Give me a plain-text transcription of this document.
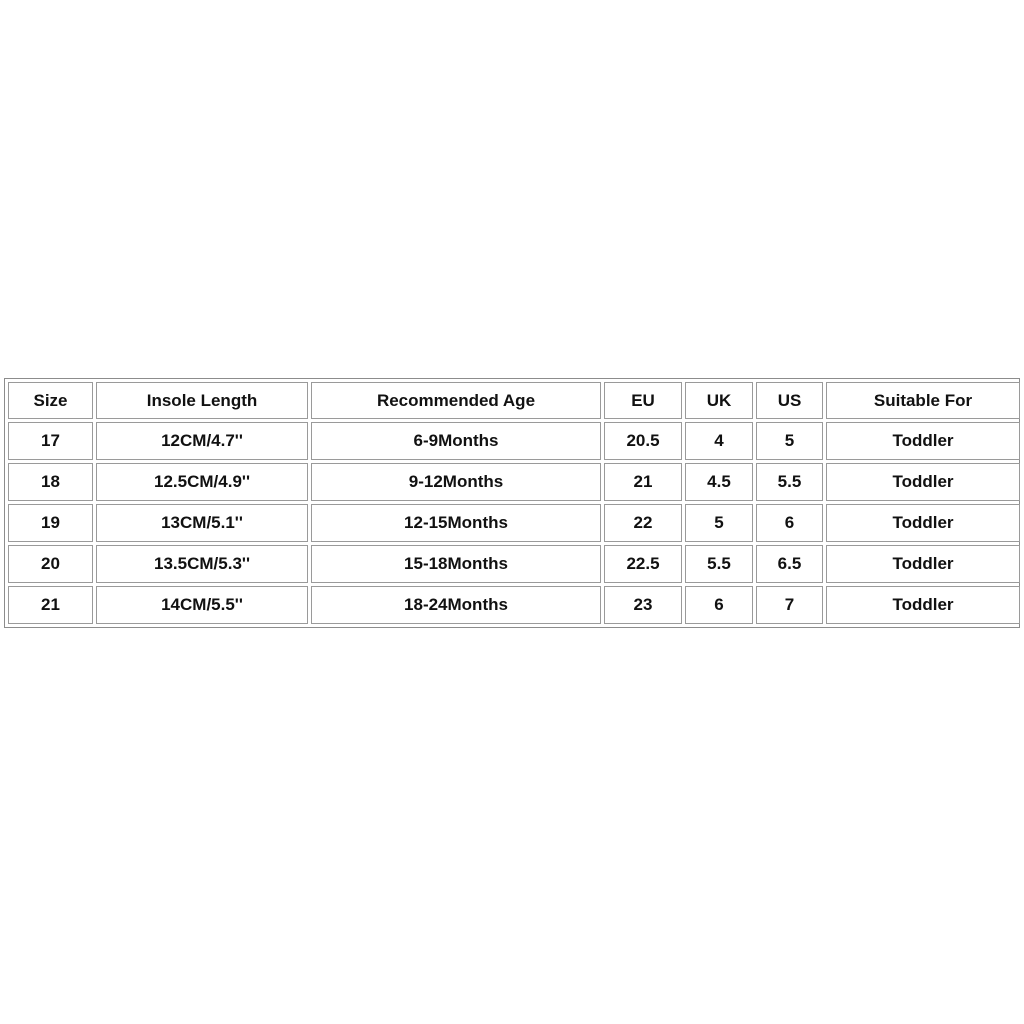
Size	Insole Length	Recommended Age	EU	UK	US	Suitable For
17	12CM/4.7''	6-9Months	20.5	4	5	Toddler
18	12.5CM/4.9''	9-12Months	21	4.5	5.5	Toddler
19	13CM/5.1''	12-15Months	22	5	6	Toddler
20	13.5CM/5.3''	15-18Months	22.5	5.5	6.5	Toddler
21	14CM/5.5''	18-24Months	23	6	7	Toddler
